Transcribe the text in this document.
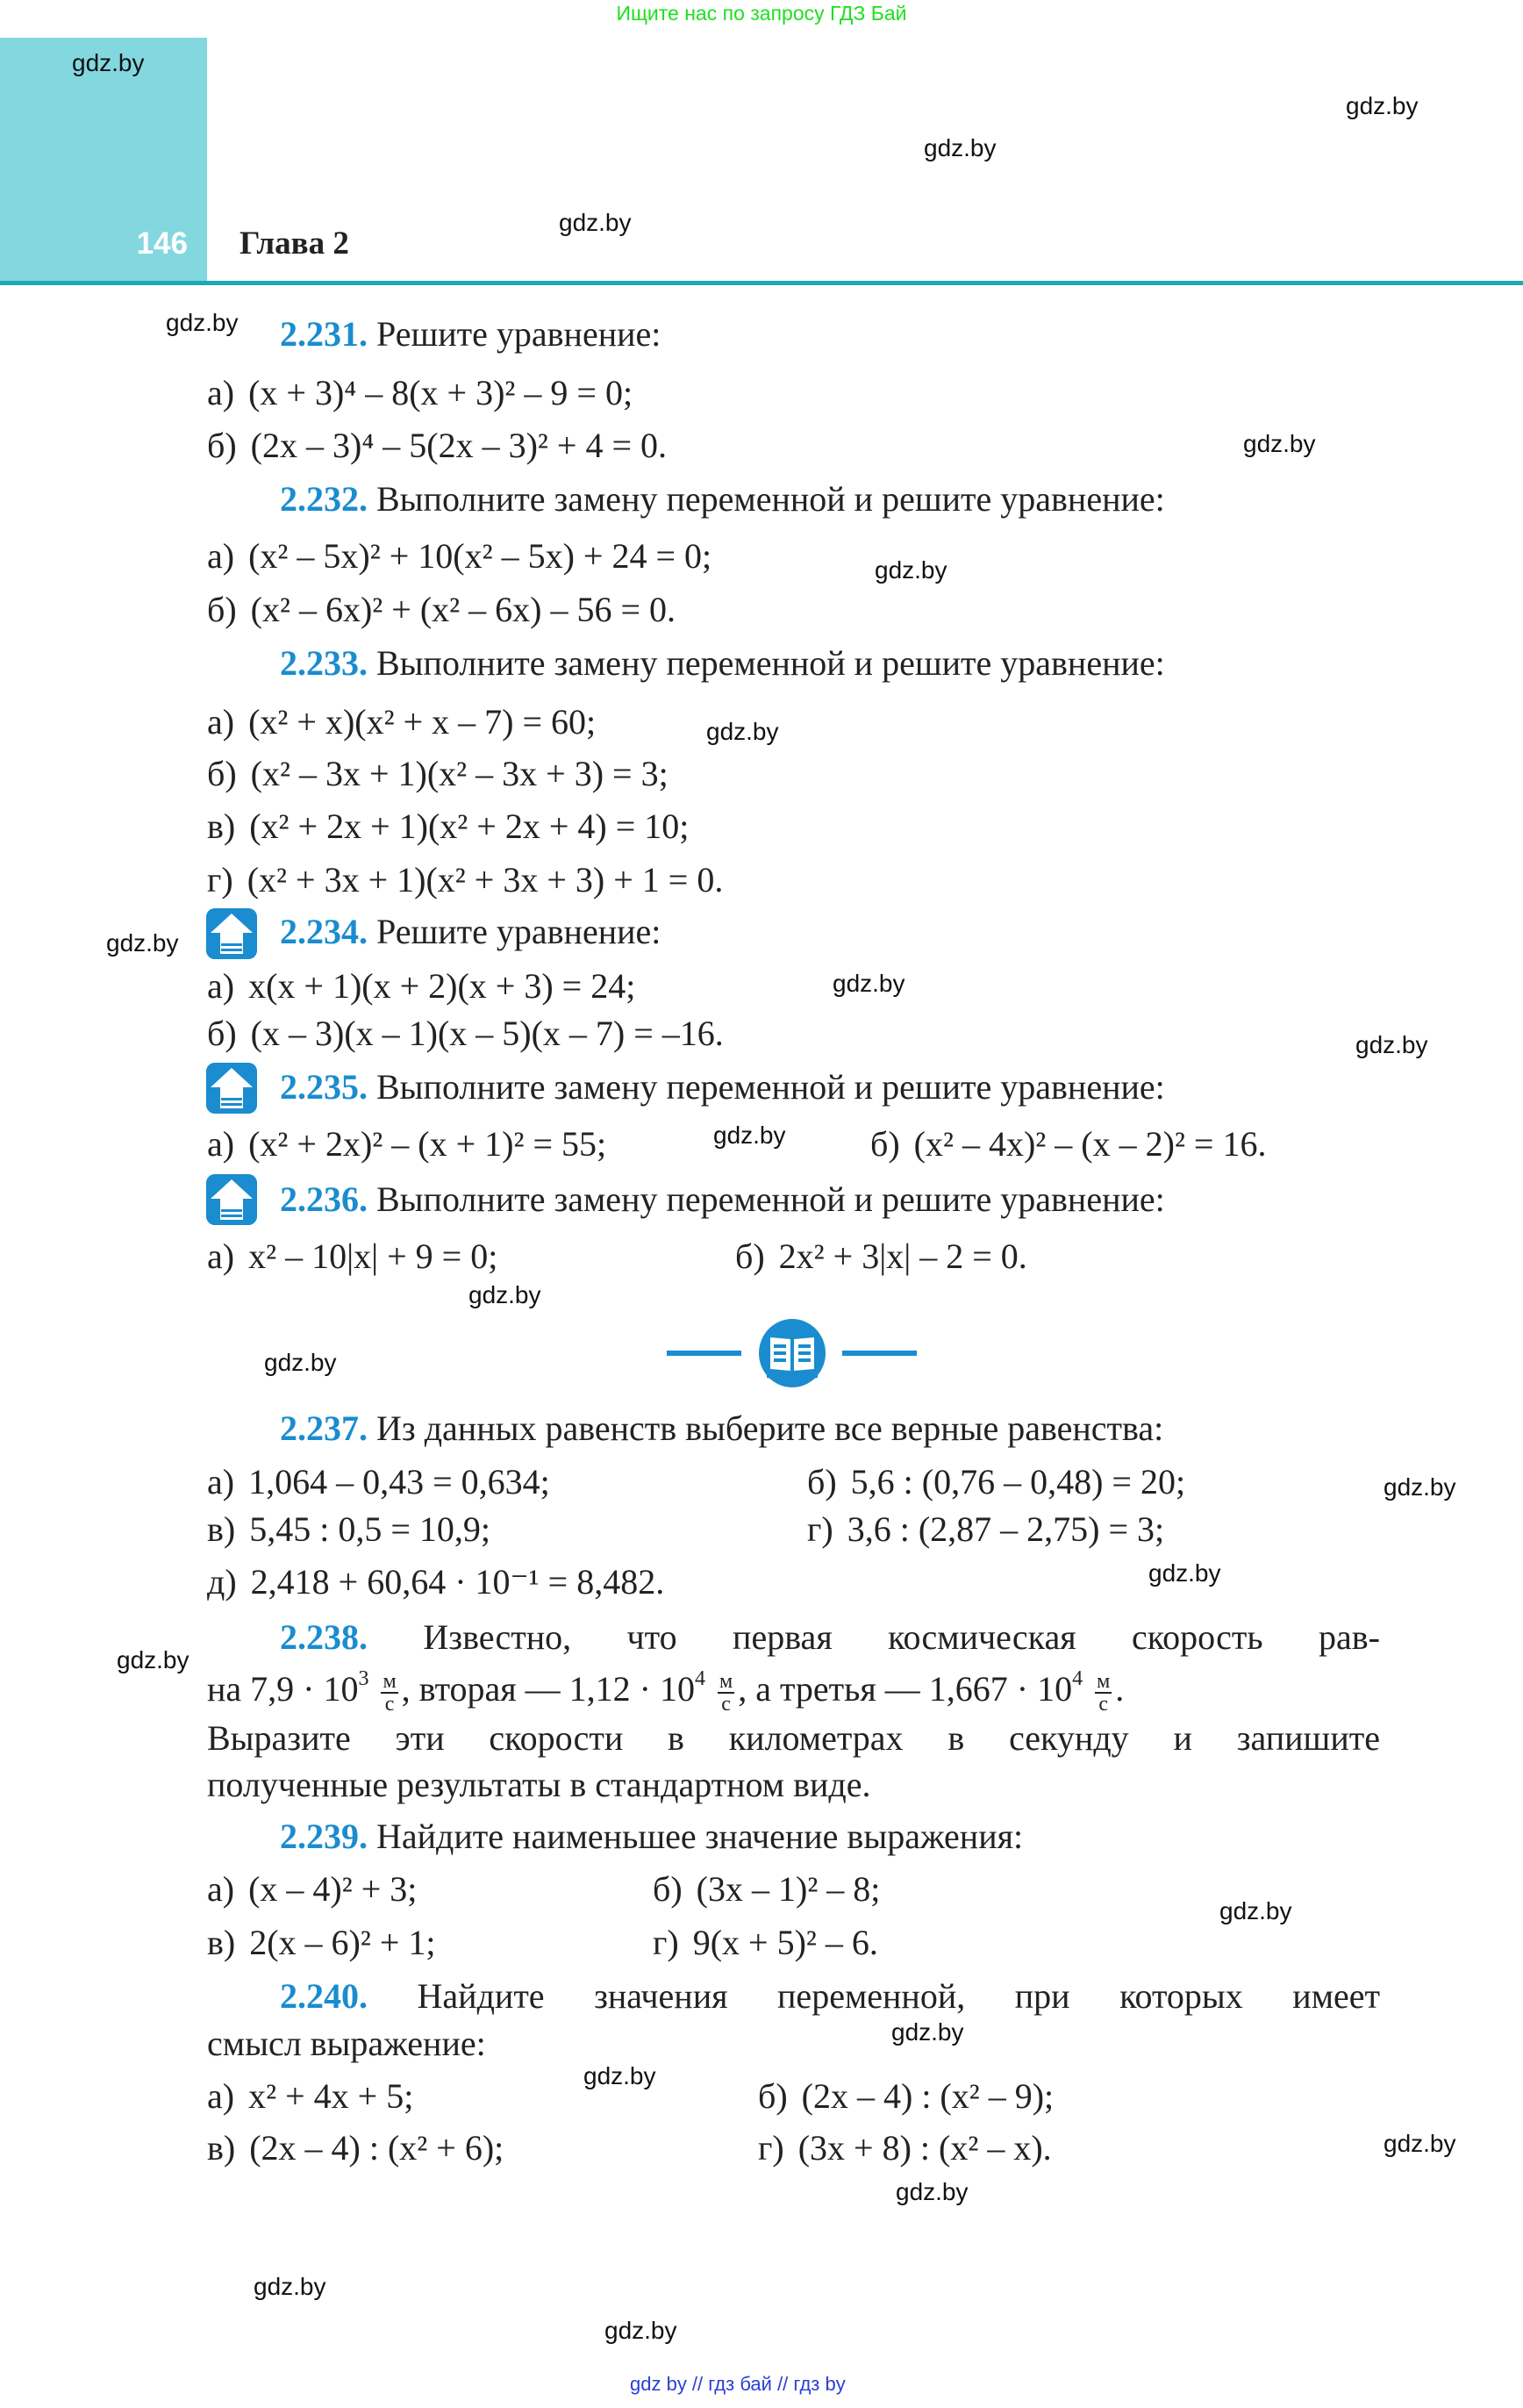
Ищите нас по запросу ГДЗ Бай
146 Глава 2
gdz.by
gdz.by
gdz.by
gdz.by
gdz.by
gdz.by
gdz.by
gdz.by
gdz.by
gdz.by
gdz.by
gdz.by
gdz.by
gdz.by
gdz.by
gdz.by
gdz.by
gdz.by
gdz.by
gdz.by
gdz.by
gdz.by
gdz.by
gdz.by
2.231. Решите уравнение:
а) (x + 3)⁴ – 8(x + 3)² – 9 = 0;
б) (2x – 3)⁴ – 5(2x – 3)² + 4 = 0.
2.232. Выполните замену переменной и решите уравнение:
а) (x² – 5x)² + 10(x² – 5x) + 24 = 0;
б) (x² – 6x)² + (x² – 6x) – 56 = 0.
2.233. Выполните замену переменной и решите уравнение:
а) (x² + x)(x² + x – 7) = 60;
б) (x² – 3x + 1)(x² – 3x + 3) = 3;
в) (x² + 2x + 1)(x² + 2x + 4) = 10;
г) (x² + 3x + 1)(x² + 3x + 3) + 1 = 0.
2.234. Решите уравнение:
а) x(x + 1)(x + 2)(x + 3) = 24;
б) (x – 3)(x – 1)(x – 5)(x – 7) = –16.
2.235. Выполните замену переменной и решите уравнение:
а) (x² + 2x)² – (x + 1)² = 55;	б) (x² – 4x)² – (x – 2)² = 16.
2.236. Выполните замену переменной и решите уравнение:
а) x² – 10|x| + 9 = 0;	б) 2x² + 3|x| – 2 = 0.
2.237. Из данных равенств выберите все верные равенства:
а) 1,064 – 0,43 = 0,634;	б) 5,6 : (0,76 – 0,48) = 20;
в) 5,45 : 0,5 = 10,9;	г) 3,6 : (2,87 – 2,75) = 3;
д) 2,418 + 60,64 · 10⁻¹ = 8,482.
2.238. Известно, что первая космическая скорость рав-
на $7,9 \cdot 10^3 \frac{м}{с}$ , вторая — $1,12 \cdot 10^4 \frac{м}{с}$ , а третья — $1,667 \cdot 10^4 \frac{м}{с}$ .
Выразите эти скорости в километрах в секунду и запишите
полученные результаты в стандартном виде.
2.239. Найдите наименьшее значение выражения:
а) (x – 4)² + 3;	б) (3x – 1)² – 8;
в) 2(x – 6)² + 1;	г) 9(x + 5)² – 6.
2.240. Найдите значения переменной, при которых имеет
смысл выражение:
а) x² + 4x + 5;	б) (2x – 4) : (x² – 9);
в) (2x – 4) : (x² + 6);	г) (3x + 8) : (x² – x).
gdz by // гдз бай // гдз by
